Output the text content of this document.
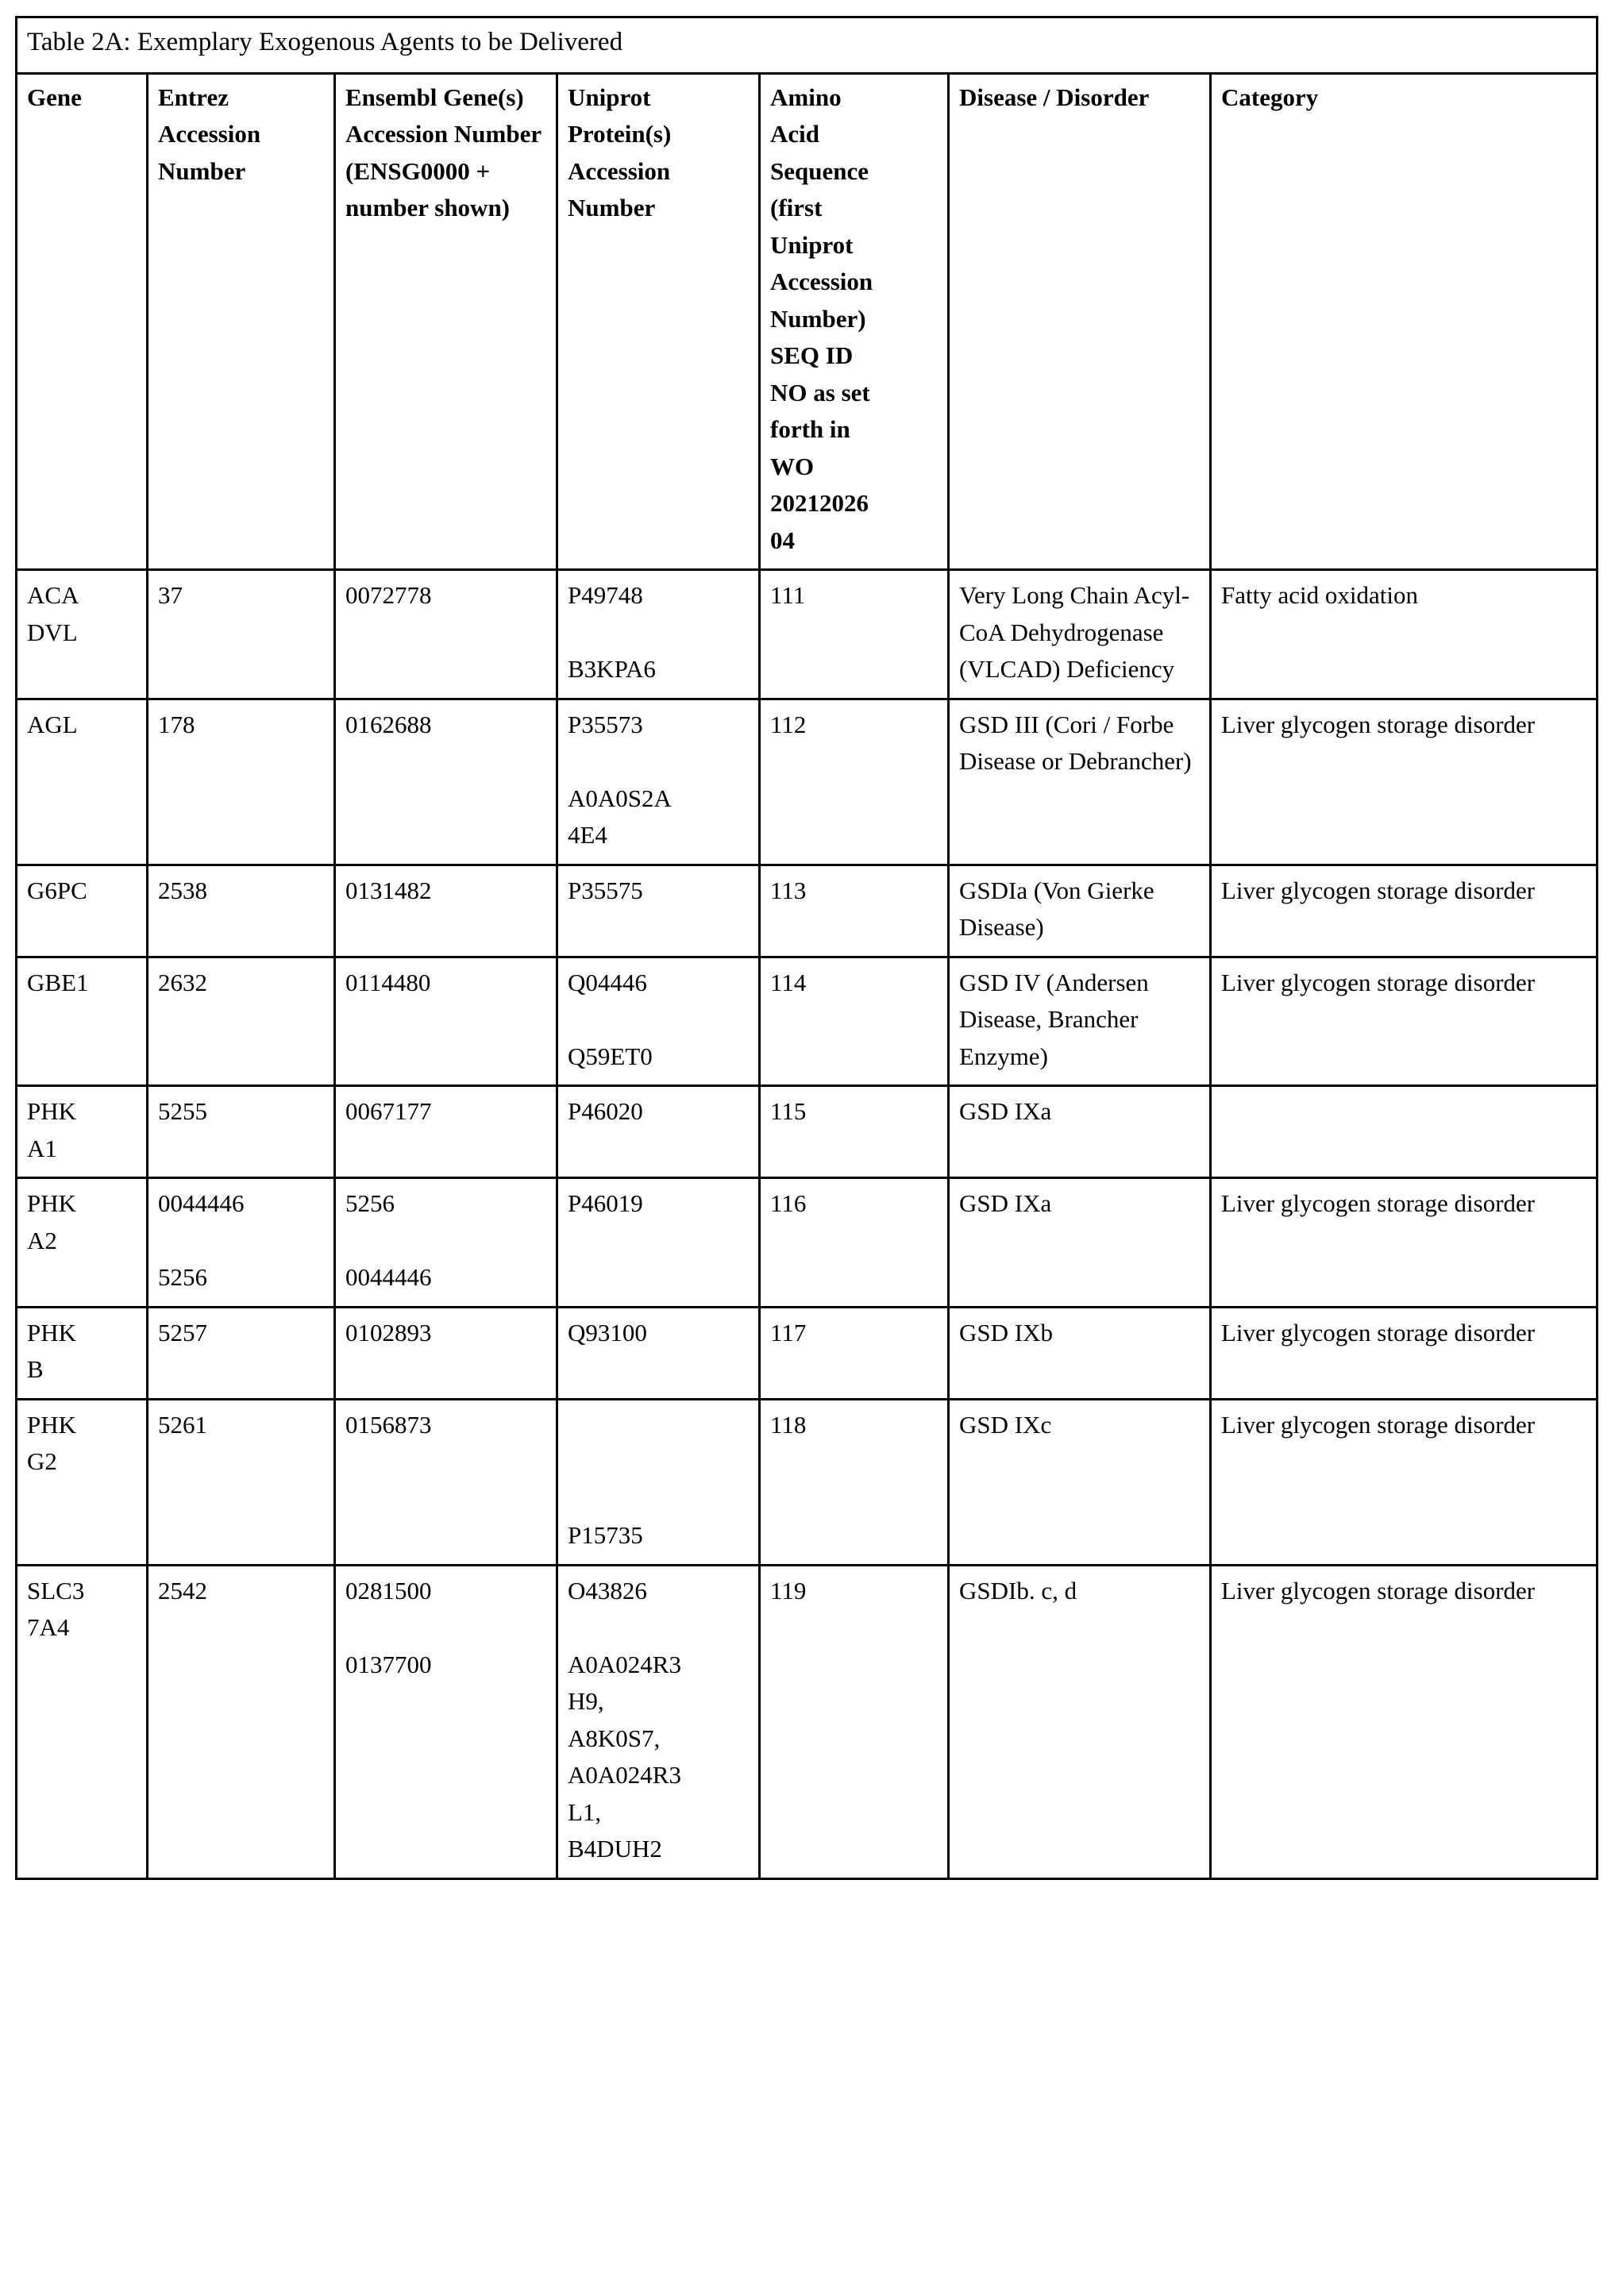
Table 2A: Exemplary Exogenous Agents to be Delivered						
Gene	Entrez Accession Number	Ensembl Gene(s) Accession Number (ENSG0000 + number shown)	Uniprot Protein(s) Accession Number	Amino
Acid
Sequence
(first
Uniprot
Accession
Number)
SEQ ID
NO as set
forth in
WO
20212026
04	Disease / Disorder	Category
ACA
DVL	37	0072778	P49748

B3KPA6	111	Very Long Chain Acyl-CoA Dehydrogenase (VLCAD) Deficiency	Fatty acid oxidation
AGL	178	0162688	P35573

A0A0S2A
4E4	112	GSD III (Cori / Forbe Disease or Debrancher)	Liver glycogen storage disorder
G6PC	2538	0131482	P35575	113	GSDIa (Von Gierke Disease)	Liver glycogen storage disorder
GBE1	2632	0114480	Q04446

Q59ET0	114	GSD IV (Andersen Disease, Brancher Enzyme)	Liver glycogen storage disorder
PHK
A1	5255	0067177	P46020	115	GSD IXa	
PHK
A2	0044446

5256	5256

0044446	P46019	116	GSD IXa	Liver glycogen storage disorder
PHK
B	5257	0102893	Q93100	117	GSD IXb	Liver glycogen storage disorder
PHK
G2	5261	0156873	

P15735	118	GSD IXc	Liver glycogen storage disorder
SLC3
7A4	2542	0281500

0137700	O43826

A0A024R3
H9,
A8K0S7,
A0A024R3
L1,
B4DUH2	119	GSDIb. c, d	Liver glycogen storage disorder
